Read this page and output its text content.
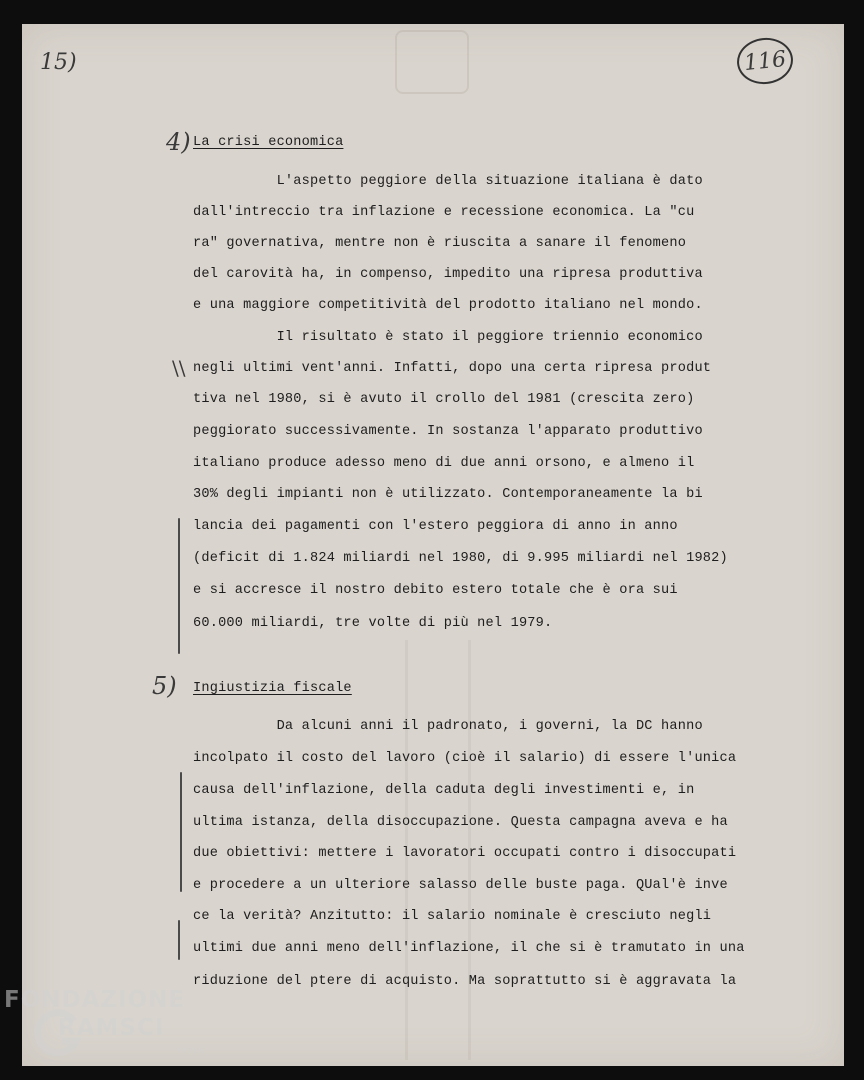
15)	116
4) La crisi economica
L'aspetto peggiore della situazione italiana è dato
dall'intreccio tra inflazione e recessione economica. La "cu
ra" governativa, mentre non è riuscita a sanare il fenomeno
del carovità ha, in compenso, impedito una ripresa produttiva
e una maggiore competitività del prodotto italiano nel mondo.
Il risultato è stato il peggiore triennio economico
\\ negli ultimi vent'anni. Infatti, dopo una certa ripresa produt
tiva nel 1980, si è avuto il crollo del 1981 (crescita zero)
peggiorato successivamente. In sostanza l'apparato produttivo
italiano produce adesso meno di due anni orsono, e almeno il
30% degli impianti non è utilizzato. Contemporaneamente la bi
lancia dei pagamenti con l'estero peggiora di anno in anno
(deficit di 1.824 miliardi nel 1980, di 9.995 miliardi nel 1982)
e si accresce il nostro debito estero totale che è ora sui
60.000 miliardi, tre volte di più nel 1979.
5) Ingiustizia fiscale
Da alcuni anni il padronato, i governi, la DC hanno
incolpato il costo del lavoro (cioè il salario) di essere l'unica
causa dell'inflazione, della caduta degli investimenti e, in
ultima istanza, della disoccupazione. Questa campagna aveva e ha
due obiettivi: mettere i lavoratori occupati contro i disoccupati
e procedere a un ulteriore salasso delle buste paga. QUal'è inve
ce la verità? Anzitutto: il salario nominale è cresciuto negli
ultimi due anni meno dell'inflazione, il che si è tramutato in una
riduzione del ptere di acquisto. Ma soprattutto si è aggravata la
FONDAZIONE
RAMSCI
onlus
